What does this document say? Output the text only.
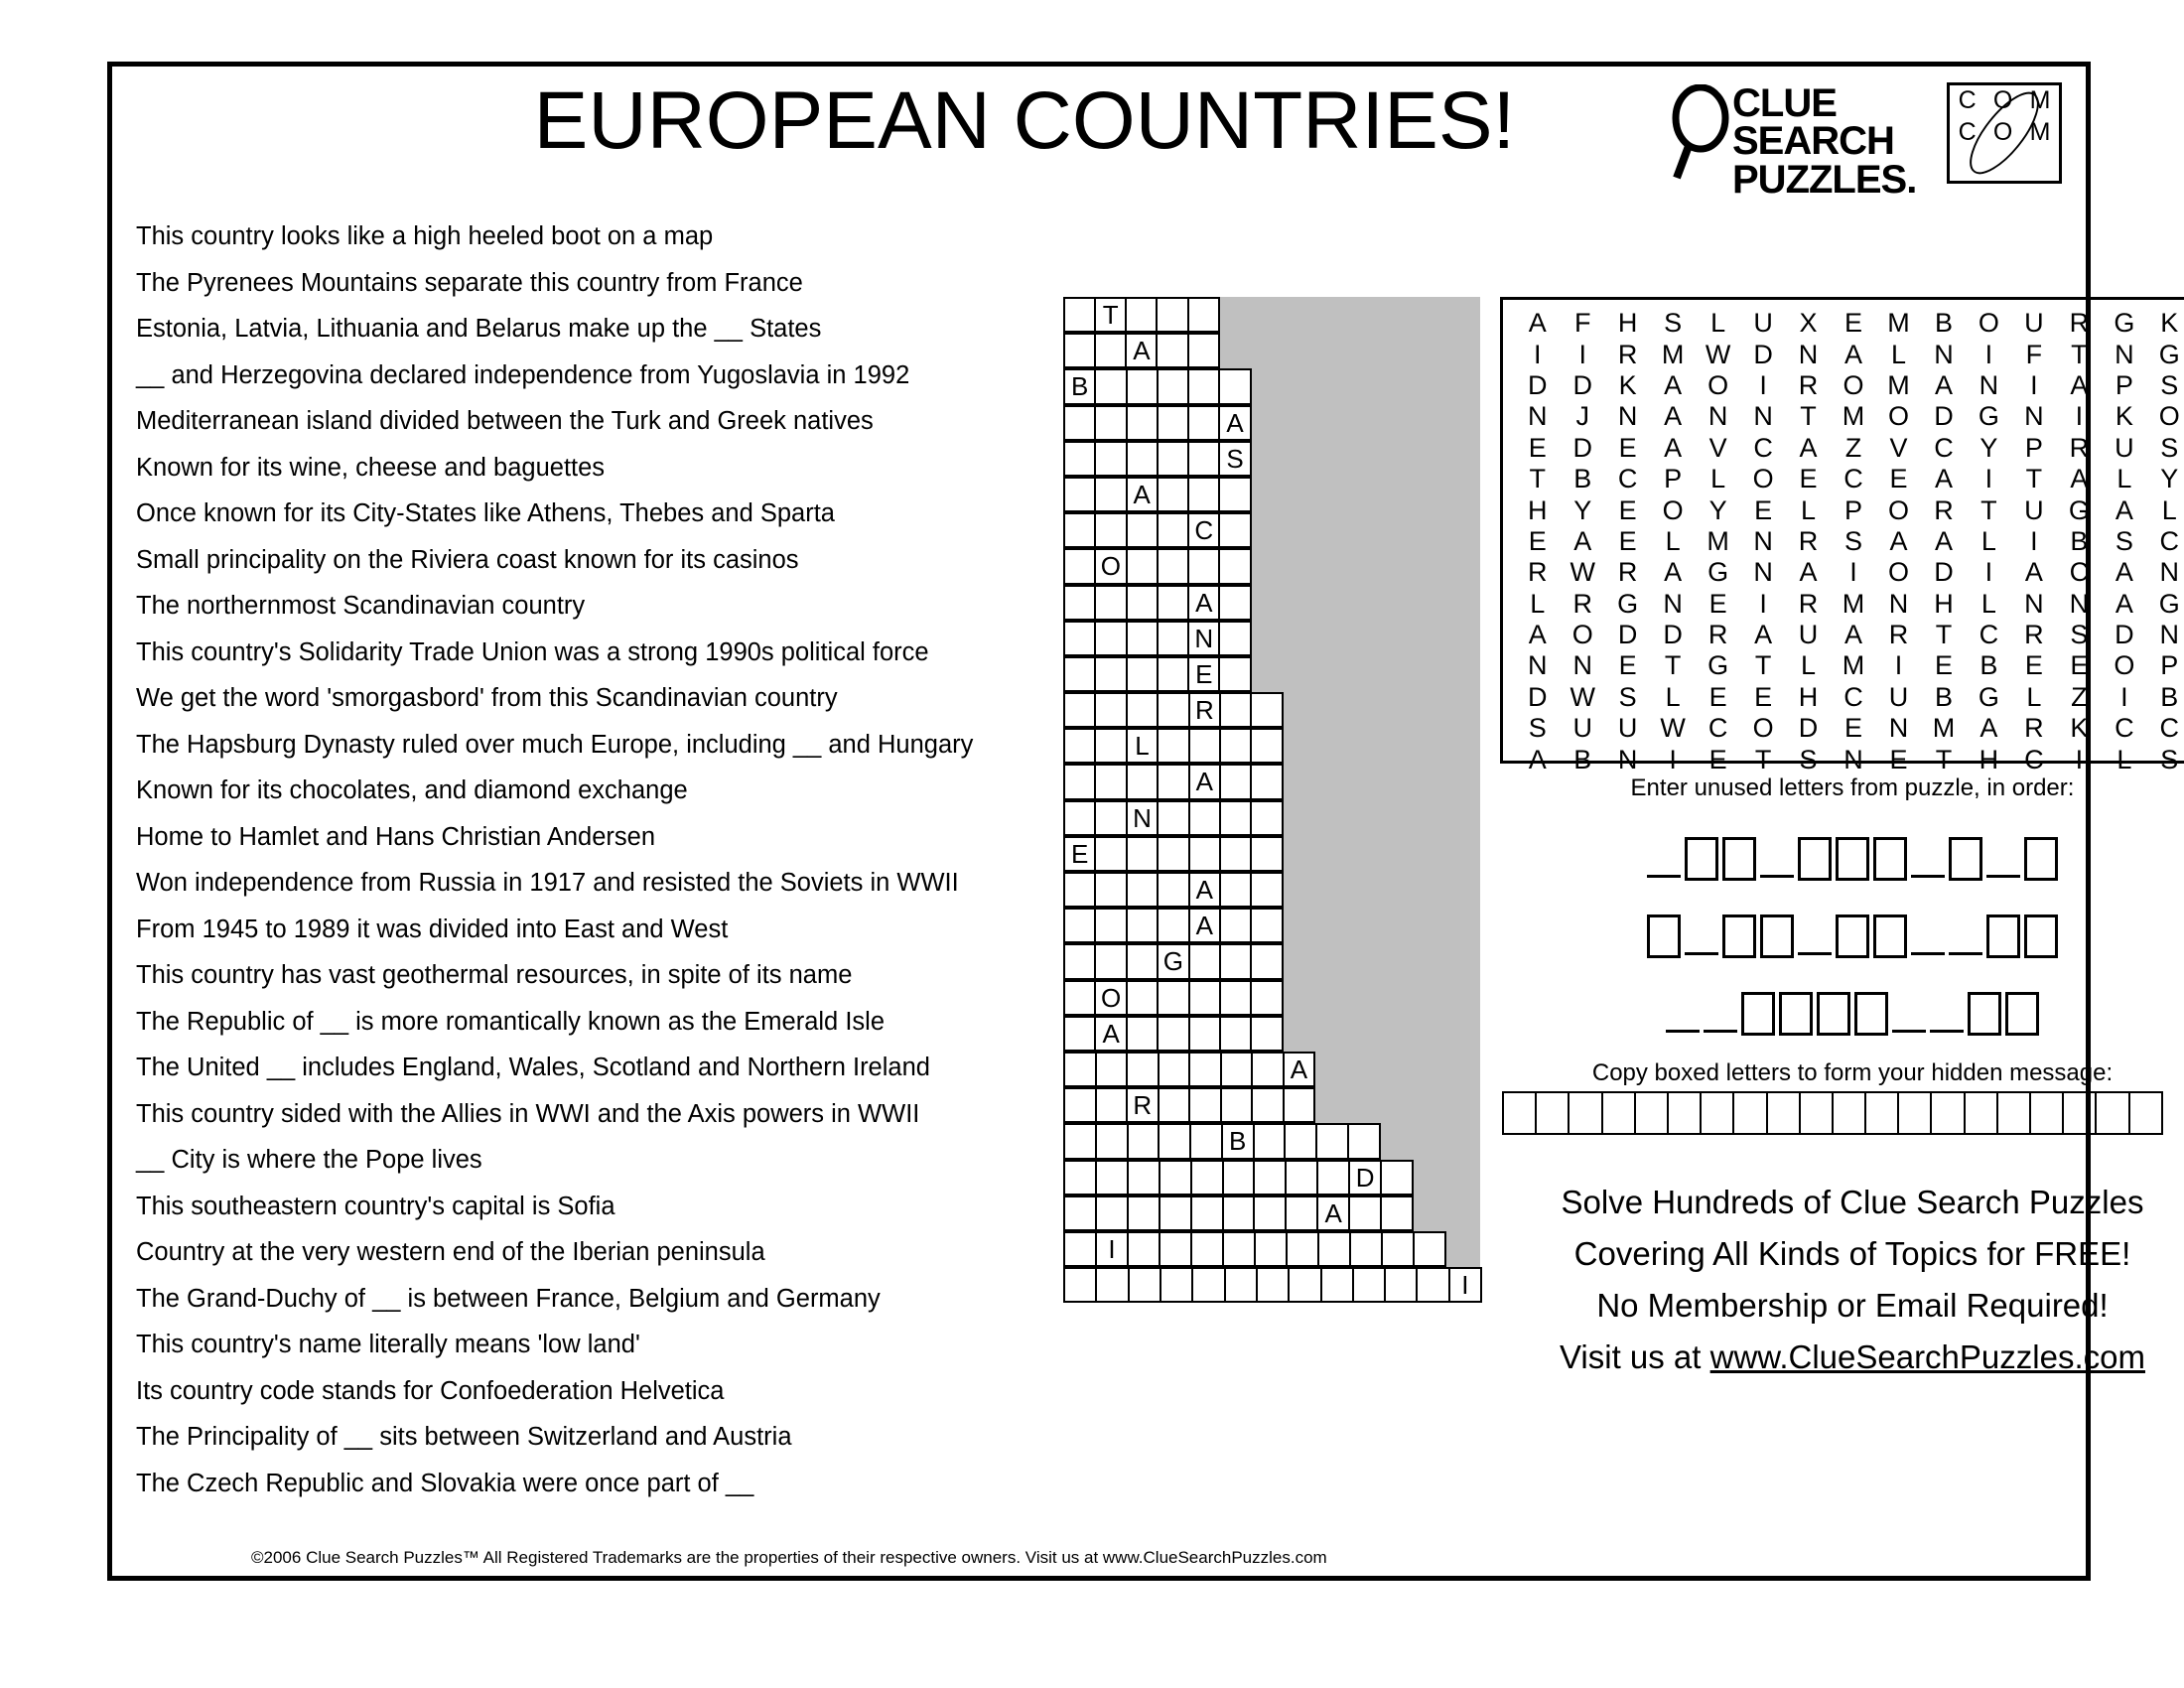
EUROPEAN COUNTRIES!	CLUE
SEARCH
PUZZLES.
C O M
C O M
This country looks like a high heeled boot on a map
The Pyrenees Mountains separate this country from France
Estonia, Latvia, Lithuania and Belarus make up the __ States
__ and Herzegovina declared independence from Yugoslavia in 1992
Mediterranean island divided between the Turk and Greek natives
Known for its wine, cheese and baguettes
Once known for its City-States like Athens, Thebes and Sparta
Small principality on the Riviera coast known for its casinos
The northernmost Scandinavian country
This country's Solidarity Trade Union was a strong 1990s political force
We get the word 'smorgasbord' from this Scandinavian country
The Hapsburg Dynasty ruled over much Europe, including __ and Hungary
Known for its chocolates, and diamond exchange
Home to Hamlet and Hans Christian Andersen
Won independence from Russia in 1917 and resisted the Soviets in WWII
From 1945 to 1989 it was divided into East and West
This country has vast geothermal resources, in spite of its name
The Republic of __ is more romantically known as the Emerald Isle
The United __ includes England, Wales, Scotland and Northern Ireland
This country sided with the Allies in WWI and the Axis powers in WWII
__ City is where the Pope lives
This southeastern country's capital is Sofia
Country at the very western end of the Iberian peninsula
The Grand-Duchy of __ is between France, Belgium and Germany
This country's name literally means 'low land'
Its country code stands for Confoederation Helvetica
The Principality of __ sits between Switzerland and Austria
The Czech Republic and Slovakia were once part of __
T
A
B
A
S
A
C
O
A
N
E
R
L
A
N
E
A
A
G
O
A
A
R
B
D
A
I
I
A	F	H S	L	U X	E M B O U R G K
I	I	R M W D N A	L	N	I	F	T	N G
D D K	A O	I	R O M A N	I	A	P	S
N	J	N A N N	T M O D G N	I	K O
E D E	A	V C A	Z	V C Y	P R U S
T	B C P	L	O E C E	A	I	T	A	L	Y
H Y	E O Y	E	L	P O R	T	U G A	L
E	A	E	L M N R S	A	A	L	I	B	S C
R W R A G N A	I	O D	I	A C A N
L	R G N E	I	R M N H	L	N N A G
A O D D R A U A R	T	C R S D N
N N E	T G T	L M	I	E	B	E	E O P
D W S	L	E	E H C U B G	L	Z	I	B
S U U W C O D E N M A R K C C
A	B N	I	E	T	S N E	T	H C	I	L	S
Enter unused letters from puzzle, in order:
Copy boxed letters to form your hidden message:
Solve Hundreds of Clue Search Puzzles
Covering All Kinds of Topics for FREE!
No Membership or Email Required!
Visit us at www.ClueSearchPuzzles.com
©2006 Clue Search Puzzles™ All Registered Trademarks are the properties of their respective owners. Visit us at www.ClueSearchPuzzles.com
